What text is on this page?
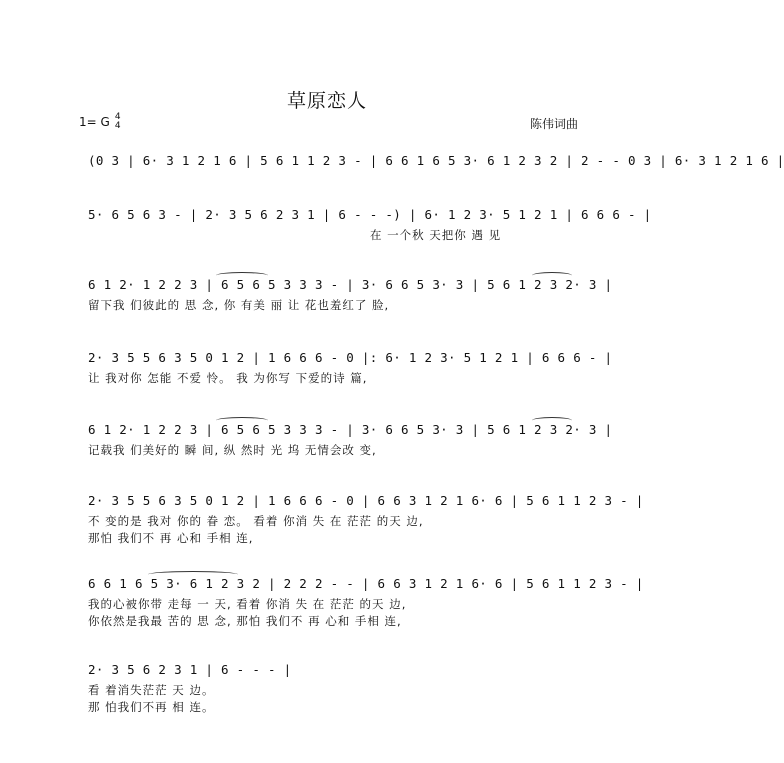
草原恋人
1= G 4
4	陈伟词曲
(0 3 | 6· 3 1 2 1 6 | 5 6 1 1 2 3 - | 6 6 1 6 5 3· 6 1 2 3 2 | 2 - - 0 3 | 6· 3 1 2 1 6 |
5· 6 5 6 3 - | 2· 3 5 6 2 3 1 | 6 - - -) | 6· 1 2 3· 5 1 2 1 | 6 6 6 - |
在 一个秋 天把你 遇 见
6 1 2· 1 2 2 3 | 6 5 6 5 3 3 3 - | 3· 6 6 5 3· 3 | 5 6 1 2 3 2· 3 |
留下我 们彼此的 思 念, 你 有美 丽 让 花也羞红了 脸,
2· 3 5 5 6 3 5 0 1 2 | 1 6 6 6 - 0 |: 6· 1 2 3· 5 1 2 1 | 6 6 6 - |
让 我对你 怎能 不爱 怜。 我 为你写 下爱的诗 篇,
6 1 2· 1 2 2 3 | 6 5 6 5 3 3 3 - | 3· 6 6 5 3· 3 | 5 6 1 2 3 2· 3 |
记载我 们美好的 瞬 间, 纵 然时 光 坞 无情会改 变,
2· 3 5 5 6 3 5 0 1 2 | 1 6 6 6 - 0 | 6 6 3 1 2 1 6· 6 | 5 6 1 1 2 3 - |
不 变的是 我对 你的 眷 恋。 看着 你消 失 在 茫茫 的天 边,
那怕 我们不 再 心和 手相 连,
6 6 1 6 5 3· 6 1 2 3 2 | 2 2 2 - - | 6 6 3 1 2 1 6· 6 | 5 6 1 1 2 3 - |
我的心被你带 走每 一 天, 看着 你消 失 在 茫茫 的天 边,
你依然是我最 苦的 思 念, 那怕 我们不 再 心和 手相 连,
2· 3 5 6 2 3 1 | 6 - - - |
看 着消失茫茫 天 边。
那 怕我们不再 相 连。
